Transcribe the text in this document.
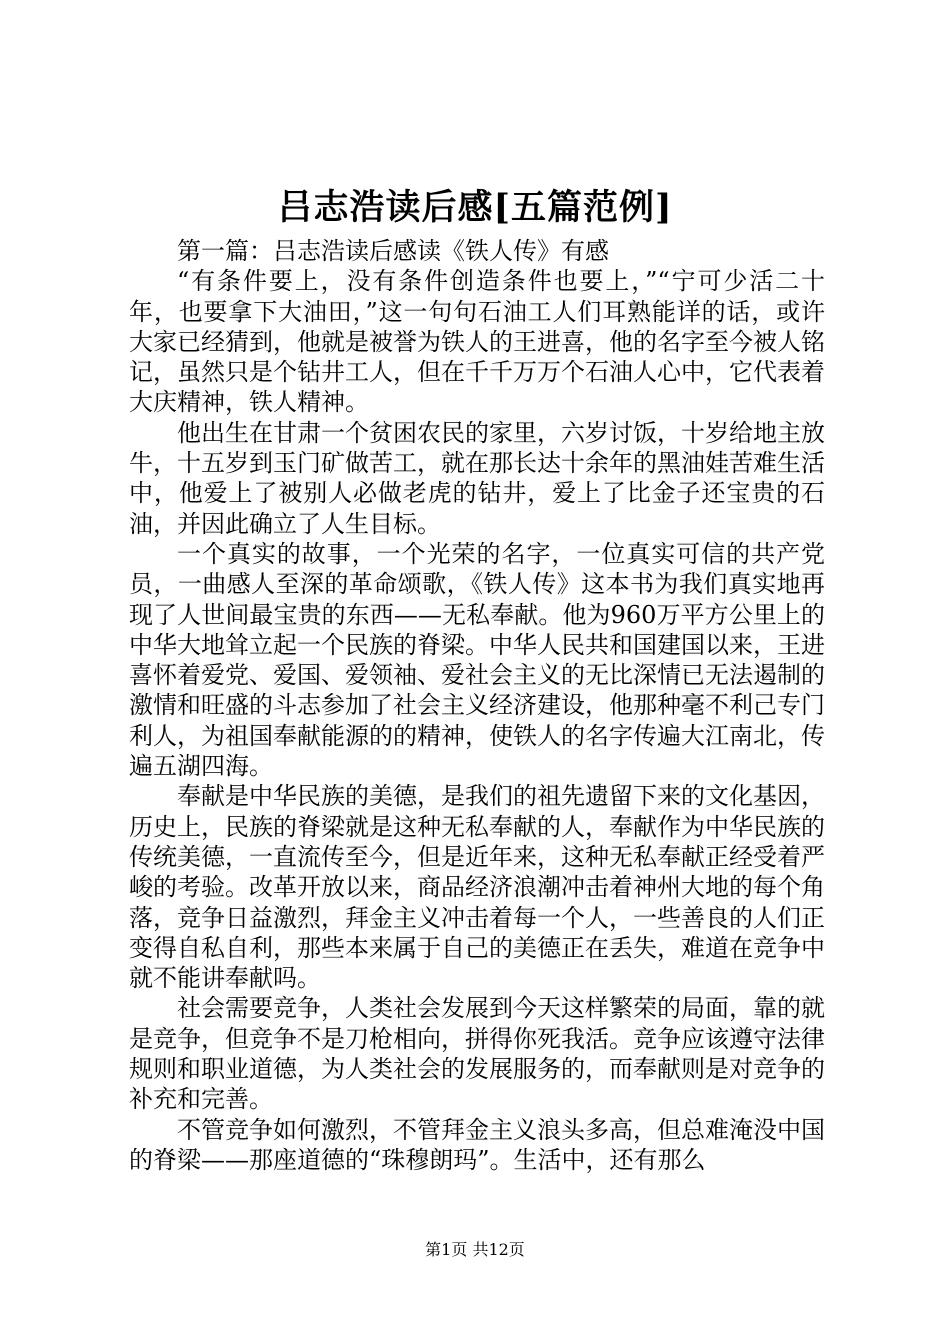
吕志浩读后感[五篇范例]

第一篇：吕志浩读后感读《铁人传》有感

“有条件要上，没有条件创造条件也要上，”“宁可少活二十年，也要拿下大油田，”这一句句石油工人们耳熟能详的话，或许大家已经猜到，他就是被誉为铁人的王进喜，他的名字至今被人铭记，虽然只是个钻井工人，但在千千万万个石油人心中，它代表着大庆精神，铁人精神。

他出生在甘肃一个贫困农民的家里，六岁讨饭，十岁给地主放牛，十五岁到玉门矿做苦工，就在那长达十余年的黑油娃苦难生活中，他爱上了被别人必做老虎的钻井，爱上了比金子还宝贵的石油，并因此确立了人生目标。

一个真实的故事，一个光荣的名字，一位真实可信的共产党员，一曲感人至深的革命颂歌，《铁人传》这本书为我们真实地再现了人世间最宝贵的东西——无私奉献。他为960万平方公里上的中华大地耸立起一个民族的脊梁。中华人民共和国建国以来，王进喜怀着爱党、爱国、爱领袖、爱社会主义的无比深情已无法遏制的激情和旺盛的斗志参加了社会主义经济建设，他那种毫不利己专门利人，为祖国奉献能源的的精神，使铁人的名字传遍大江南北，传遍五湖四海。

奉献是中华民族的美德，是我们的祖先遗留下来的文化基因，历史上，民族的脊梁就是这种无私奉献的人，奉献作为中华民族的传统美德，一直流传至今，但是近年来，这种无私奉献正经受着严峻的考验。改革开放以来，商品经济浪潮冲击着神州大地的每个角落，竞争日益激烈，拜金主义冲击着每一个人，一些善良的人们正变得自私自利，那些本来属于自己的美德正在丢失，难道在竞争中就不能讲奉献吗。

社会需要竞争，人类社会发展到今天这样繁荣的局面，靠的就是竞争，但竞争不是刀枪相向，拼得你死我活。竞争应该遵守法律规则和职业道德，为人类社会的发展服务的，而奉献则是对竞争的补充和完善。

不管竞争如何激烈，不管拜金主义浪头多高，但总难淹没中国的脊梁——那座道德的“珠穆朗玛”。生活中，还有那么

第1页 共12页
